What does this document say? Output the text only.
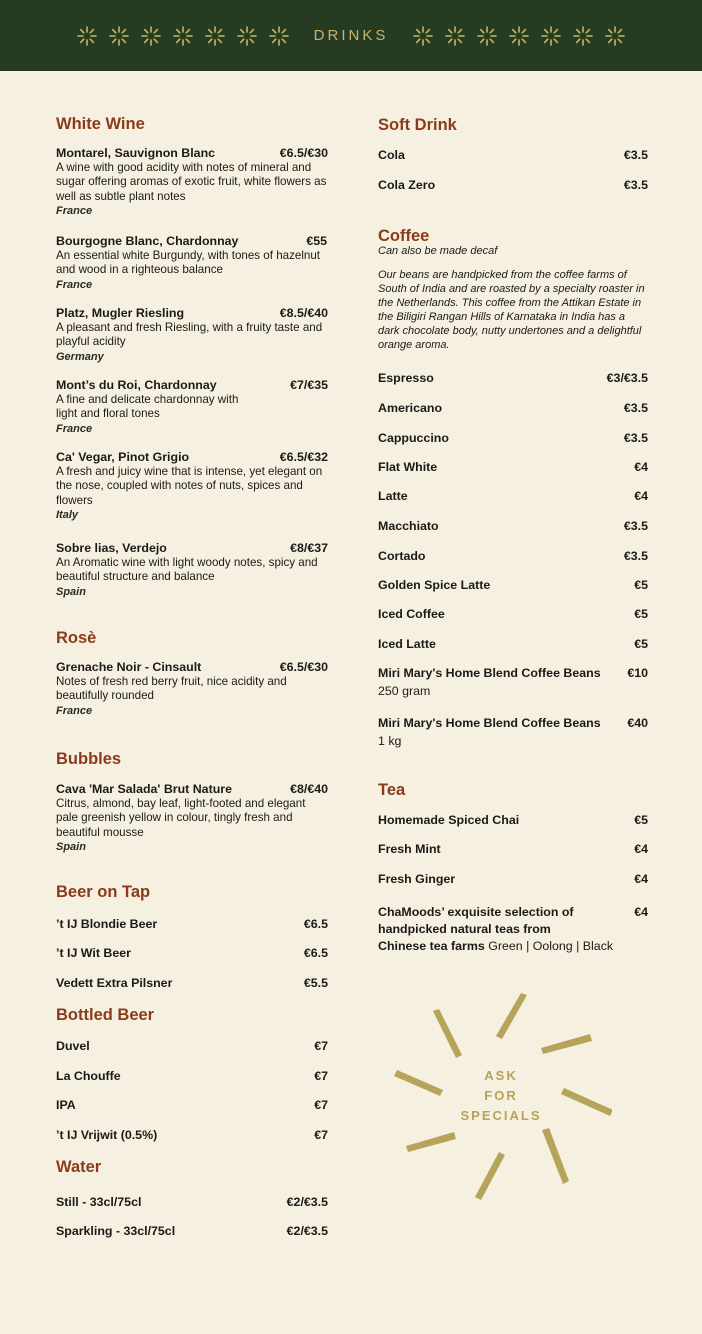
DRINKS
White Wine
Montarel, Sauvignon Blanc	€6.5/€30
A wine with good acidity with notes of mineral and sugar offering aromas of exotic fruit, white flowers as well as subtle plant notes
France
Bourgogne Blanc, Chardonnay	€55
An essential white Burgundy, with tones of hazelnut and wood in a righteous balance
France
Platz, Mugler Riesling	€8.5/€40
A pleasant and fresh Riesling, with a fruity taste and playful acidity
Germany
Mont’s du Roi, Chardonnay	€7/€35
A fine and delicate chardonnay with light and floral tones
France
Ca' Vegar, Pinot Grigio	€6.5/€32
A fresh and juicy wine that is intense, yet elegant on the nose, coupled with notes of nuts, spices and flowers
Italy
Sobre lias, Verdejo	€8/€37
An Aromatic wine with light woody notes, spicy and beautiful structure and balance
Spain
Rosè
Grenache Noir - Cinsault	€6.5/€30
Notes of fresh red berry fruit, nice acidity and beautifully rounded
France
Bubbles
Cava 'Mar Salada' Brut Nature	€8/€40
Citrus, almond, bay leaf, light-footed and elegant pale greenish yellow in colour, tingly fresh and beautiful mousse
Spain
Beer on Tap
’t IJ Blondie Beer	€6.5
’t IJ Wit Beer	€6.5
Vedett Extra Pilsner	€5.5
Bottled Beer
Duvel	€7
La Chouffe	€7
IPA	€7
’t IJ Vrijwit (0.5%)	€7
Water
Still - 33cl/75cl	€2/€3.5
Sparkling - 33cl/75cl	€2/€3.5
Soft Drink
Cola	€3.5
Cola Zero	€3.5
Coffee
Can also be made decaf
Our beans are handpicked from the coffee farms of South of India and are roasted by a specialty roaster in the Netherlands. This coffee from the Attikan Estate in the Biligiri Rangan Hills of Karnataka in India has a dark chocolate body, nutty undertones and a delightful orange aroma.
Espresso	€3/€3.5
Americano	€3.5
Cappuccino	€3.5
Flat White	€4
Latte	€4
Macchiato	€3.5
Cortado	€3.5
Golden Spice Latte	€5
Iced Coffee	€5
Iced Latte	€5
Miri Mary's Home Blend Coffee Beans €10
250 gram
Miri Mary's Home Blend Coffee Beans €40
1 kg
Tea
Homemade Spiced Chai	€5
Fresh Mint	€4
Fresh Ginger	€4
ChaMoods’ exquisite selection of
handpicked natural teas from
Chinese tea farms Green | Oolong | Black
€4
ASK
FOR
SPECIALS
